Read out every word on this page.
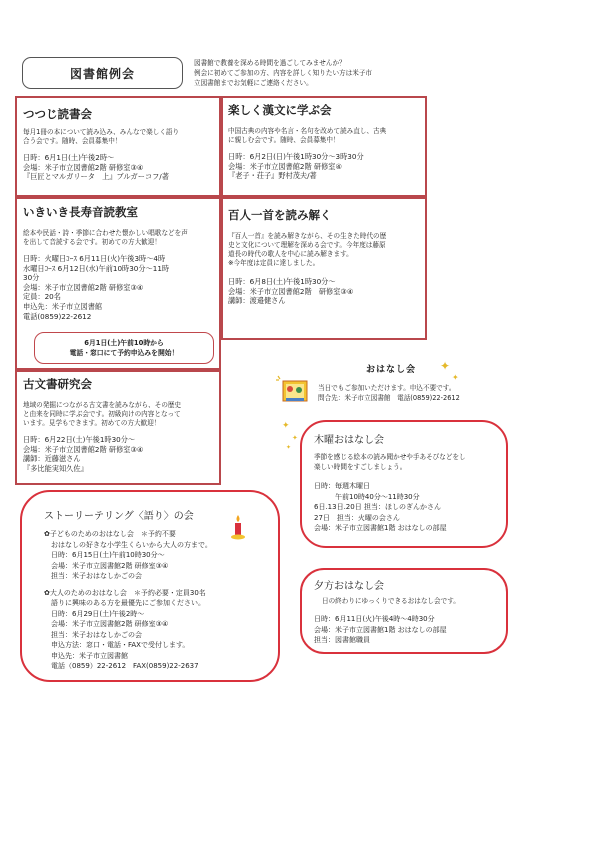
図書館例会
図書館で教養を深める時間を過ごしてみませんか？
例会に初めてご参加の方、内容を詳しく知りたい方は米子市
立図書館までお気軽にご連絡ください。
つつじ読書会

毎月1冊の本について読み込み、みんなで楽しく語り

合う会です。随時、会員募集中！

日時：6月1日(土)午後2時～

会場：米子市立図書館2階 研修室③④

『巨匠とマルガリータ　上』ブルガーコフ/著

楽しく漢文に学ぶ会

中国古典の内容や名言・名句を改めて読み直し、古典

に親しむ会です。随時、会員募集中！

日時：6月2日(日)午後1時30分～3時30分

会場：米子市立図書館2階 研修室④

『老子・荘子』野村茂夫/著

いきいき長寿音読教室

絵本や民話・詩・季節に合わせた懐かしい唱歌などを声

を出して音読する会です。初めての方大歓迎！

日時：火曜日ｺｰｽ 6月11日(火)午後3時～4時

水曜日ｺｰｽ 6月12日(水)午前10時30分～11時

30分

会場：米子市立図書館2階 研修室③④

定員：20名

申込先：米子市立図書館

電話(0859)22-2612

6月1日(土)午前10時から
電話・窓口にて予約申込みを開始！
百人一首を読み解く

『百人一首』を読み解きながら、その生きた時代の歴

史と文化について理解を深める会です。今年度は藤原

道長の時代の歌人を中心に読み解きます。

※今年度は定員に達しました。

日時：6月8日(土)午後1時30分～

会場：米子市立図書館2階　研修室③④

講師：渡邉健さん

古文書研究会

地域の発掘につながる古文書を読みながら、その歴史

と由来を同時に学ぶ会です。初級向けの内容となって

います。見学もできます。初めての方大歓迎！

日時：6月22日(土)午後1時30分～

会場：米子市立図書館2階 研修室③④

講師：近藤滋さん

『多比能実知久佐』

おはなし会 ✦
✦
当日でもご参加いただけます。申込不要です。
問合先：米子市立図書館　電話(0859)22-2612
✦
✦
✦
ストーリーテリング〈語り〉の会

✿子どものためのおはなし会　＊予約不要

　おはなしの好きな小学生くらいから大人の方まで。

　日時：6月15日(土)午前10時30分～

　会場：米子市立図書館2階 研修室③④

　担当：米子おはなしかごの会

✿大人のためのおはなし会　＊予約必要・定員30名

　語りに興味のある方を最優先にご参加ください。

　日時：6月29日(土)午後2時～

　会場：米子市立図書館2階 研修室③④

　担当：米子おはなしかごの会

　申込方法：窓口・電話・FAXで受付します。

　申込先：米子市立図書館

　電話（0859）22-2612　FAX(0859)22-2637

木曜おはなし会

季節を感じる絵本の読み聞かせや手あそびなどをし

楽しい時間をすごしましょう。

日時：毎週木曜日

　　　午前10時40分～11時30分

6日.13日.20日 担当：ほしのぎんかさん

27日　担当：火曜の会さん

会場：米子市立図書館1階 おはなしの部屋

夕方おはなし会

日の終わりにゆっくりできるおはなし会です。

日時：6月11日(火)午後4時～4時30分

会場：米子市立図書館1階 おはなしの部屋

担当：図書館職員
